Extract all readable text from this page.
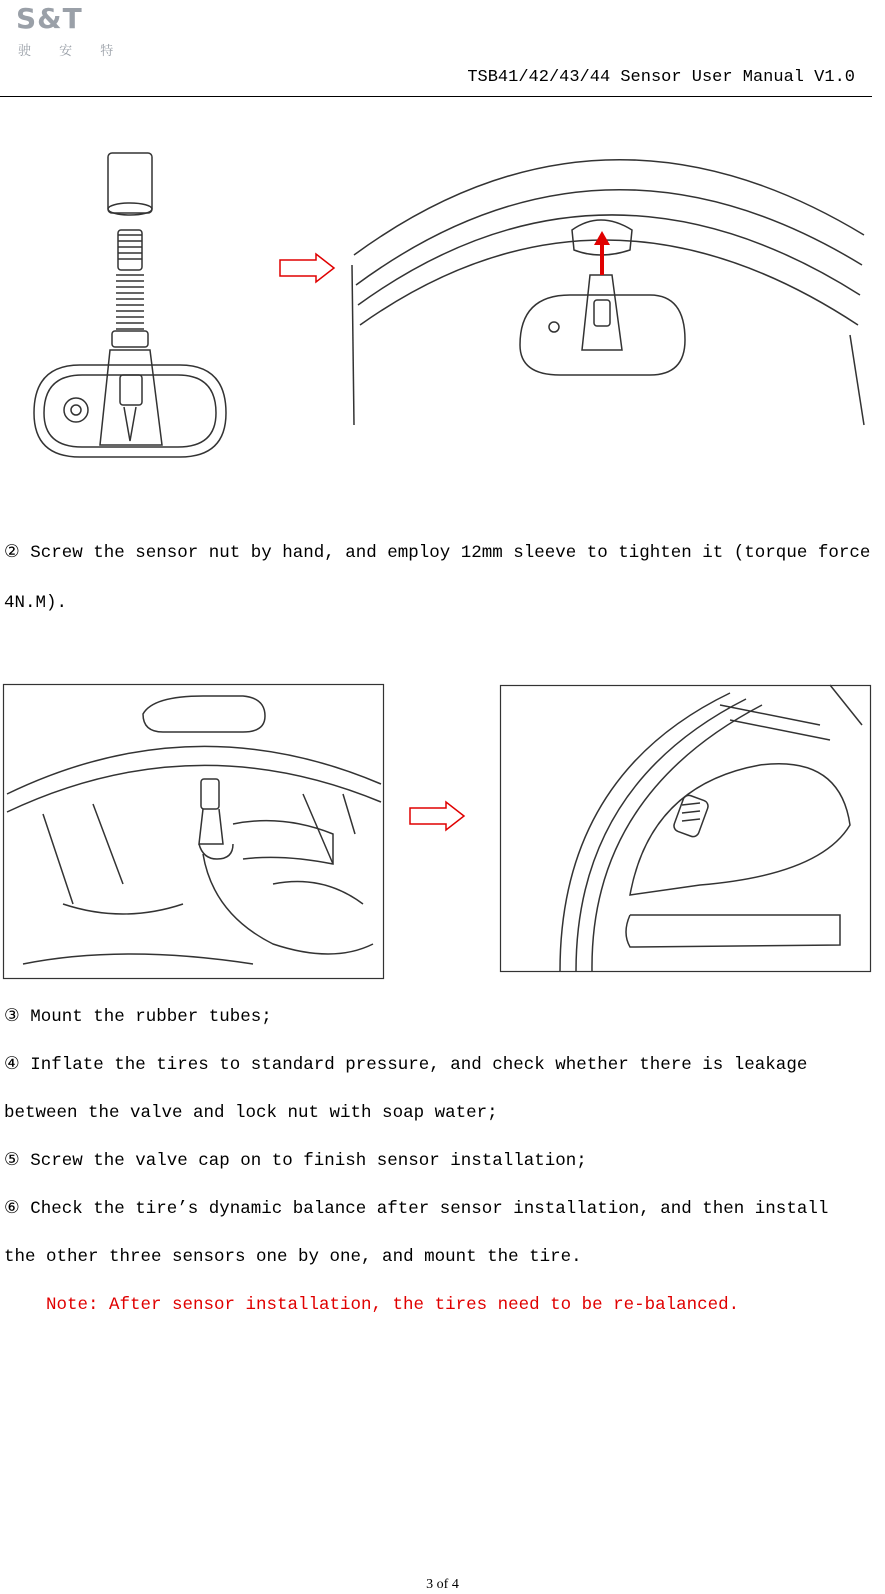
S&T
驶 安 特
TSB41/42/43/44 Sensor User Manual V1.0
② Screw the sensor nut by hand, and employ 12mm sleeve to tighten it (torque force
4N.M).
③ Mount the rubber tubes;
④ Inflate the tires to standard pressure, and check whether there is leakage
between the valve and lock nut with soap water;
⑤ Screw the valve cap on to finish sensor installation;
⑥ Check the tire’s dynamic balance after sensor installation, and then install
the other three sensors one by one, and mount the tire.
Note: After sensor installation, the tires need to be re-balanced.
3 of 4
